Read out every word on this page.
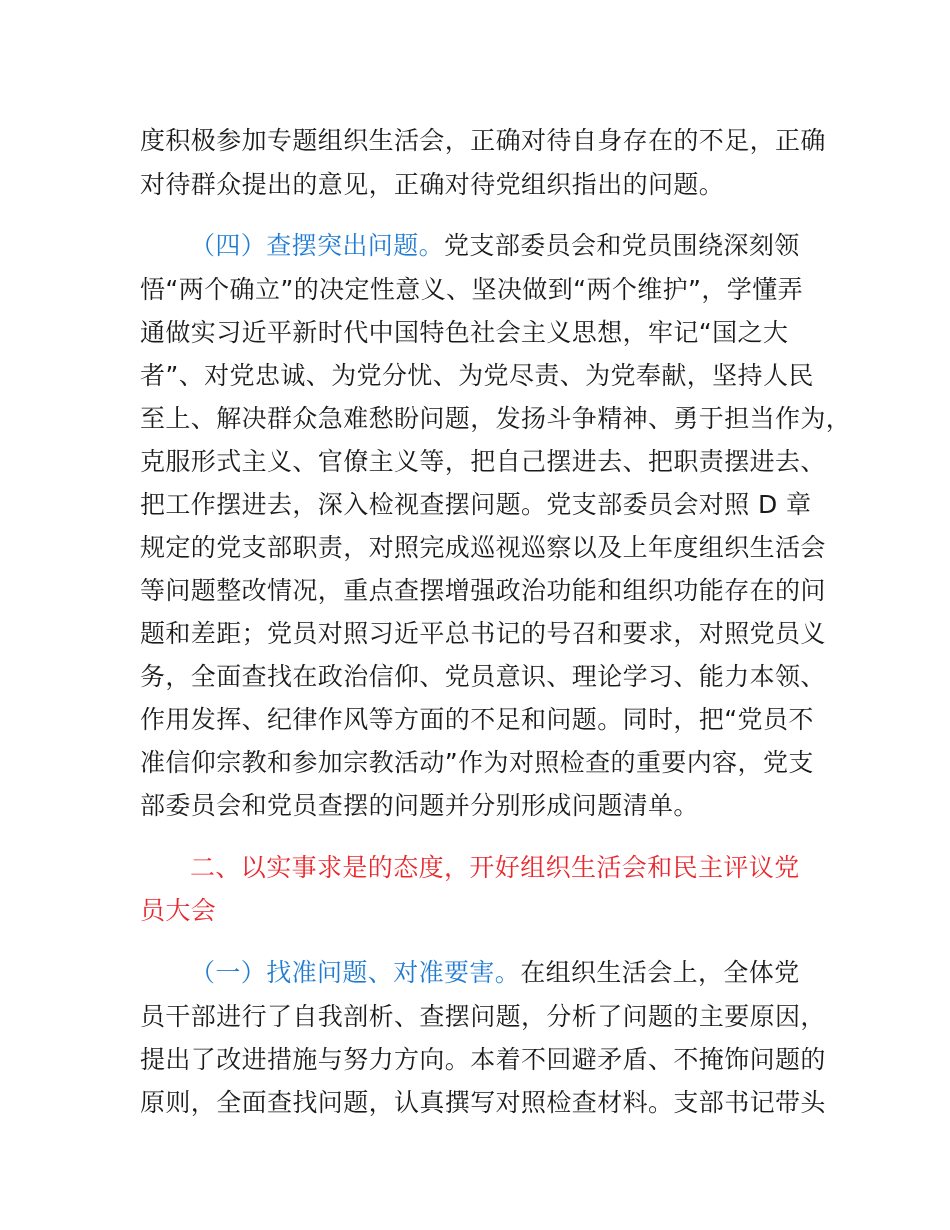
度积极参加专题组织生活会，正确对待自身存在的不足，正确
对待群众提出的意见，正确对待党组织指出的问题。
（四）查摆突出问题。党支部委员会和党员围绕深刻领
悟“两个确立”的决定性意义、坚决做到“两个维护”，学懂弄
通做实习近平新时代中国特色社会主义思想，牢记“国之大
者”、对党忠诚、为党分忧、为党尽责、为党奉献，坚持人民
至上、解决群众急难愁盼问题，发扬斗争精神、勇于担当作为，
克服形式主义、官僚主义等，把自己摆进去、把职责摆进去、
把工作摆进去，深入检视查摆问题。党支部委员会对照 D 章
规定的党支部职责，对照完成巡视巡察以及上年度组织生活会
等问题整改情况，重点查摆增强政治功能和组织功能存在的问
题和差距；党员对照习近平总书记的号召和要求，对照党员义
务，全面查找在政治信仰、党员意识、理论学习、能力本领、
作用发挥、纪律作风等方面的不足和问题。同时，把“党员不
准信仰宗教和参加宗教活动”作为对照检查的重要内容，党支
部委员会和党员查摆的问题并分别形成问题清单。
二、以实事求是的态度，开好组织生活会和民主评议党
员大会
（一）找准问题、对准要害。在组织生活会上，全体党
员干部进行了自我剖析、查摆问题，分析了问题的主要原因，
提出了改进措施与努力方向。本着不回避矛盾、不掩饰问题的
原则，全面查找问题，认真撰写对照检查材料。支部书记带头
